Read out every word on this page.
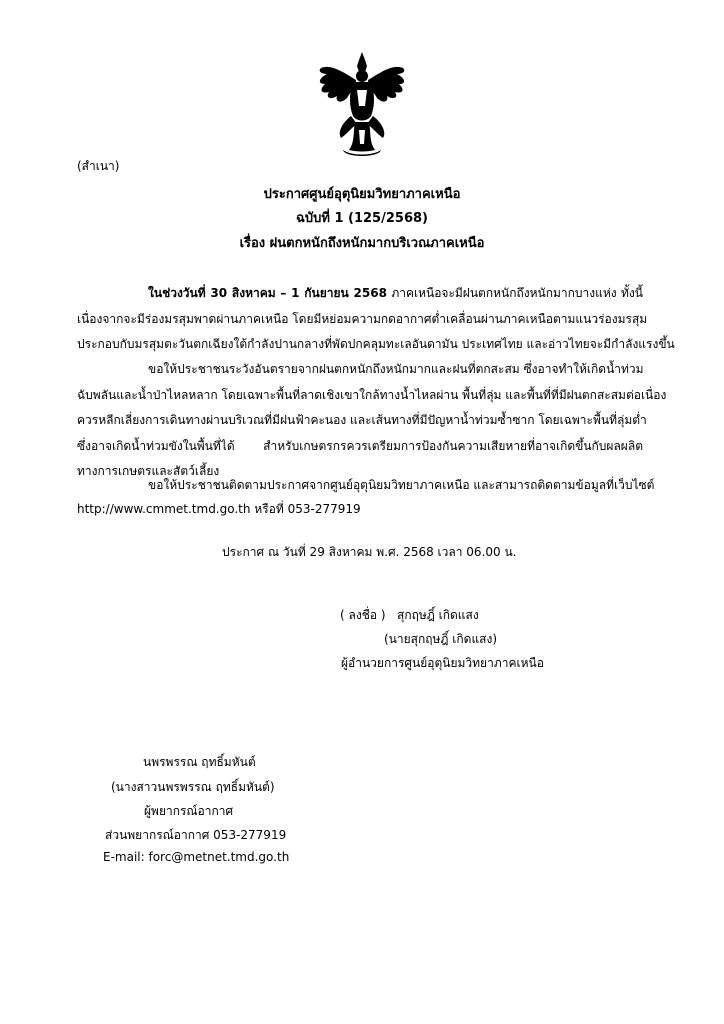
(สำเนา)
ประกาศศูนย์อุตุนิยมวิทยาภาคเหนือ
ฉบับที่ 1 (125/2568)
เรื่อง ฝนตกหนักถึงหนักมากบริเวณภาคเหนือ
ในช่วงวันที่ 30 สิงหาคม – 1 กันยายน 2568 ภาคเหนือจะมีฝนตกหนักถึงหนักมากบางแห่ง ทั้งนี้
เนื่องจากจะมีร่องมรสุมพาดผ่านภาคเหนือ โดยมีหย่อมความกดอากาศต่ำเคลื่อนผ่านภาคเหนือตามแนวร่องมรสุม
ประกอบกับมรสุมตะวันตกเฉียงใต้กำลังปานกลางที่พัดปกคลุมทะเลอันดามัน ประเทศไทย และอ่าวไทยจะมีกำลังแรงขึ้น
ขอให้ประชาชนระวังอันตรายจากฝนตกหนักถึงหนักมากและฝนที่ตกสะสม ซึ่งอาจทำให้เกิดน้ำท่วม
ฉับพลันและน้ำป่าไหลหลาก โดยเฉพาะพื้นที่ลาดเชิงเขาใกล้ทางน้ำไหลผ่าน พื้นที่ลุ่ม และพื้นที่ที่มีฝนตกสะสมต่อเนื่อง
ควรหลีกเลี่ยงการเดินทางผ่านบริเวณที่มีฝนฟ้าคะนอง และเส้นทางที่มีปัญหาน้ำท่วมซ้ำซาก โดยเฉพาะพื้นที่ลุ่มต่ำ
ซึ่งอาจเกิดน้ำท่วมขังในพื้นที่ได้ สำหรับเกษตรกรควรเตรียมการป้องกันความเสียหายที่อาจเกิดขึ้นกับผลผลิต
ทางการเกษตรและสัตว์เลี้ยง
ขอให้ประชาชนติดตามประกาศจากศูนย์อุตุนิยมวิทยาภาคเหนือ และสามารถติดตามข้อมูลที่เว็บไซต์
http://www.cmmet.tmd.go.th หรือที่ 053-277919
ประกาศ ณ วันที่ 29 สิงหาคม พ.ศ. 2568 เวลา 06.00 น.
( ลงชื่อ ) สุกฤษฎิ์ เกิดแสง
(นายสุกฤษฎิ์ เกิดแสง)
ผู้อำนวยการศูนย์อุตุนิยมวิทยาภาคเหนือ
นพรพรรณ ฤทธิ์มหันต์
(นางสาวนพรพรรณ ฤทธิ์มหันต์)
ผู้พยากรณ์อากาศ
ส่วนพยากรณ์อากาศ 053-277919
E-mail: forc@metnet.tmd.go.th
